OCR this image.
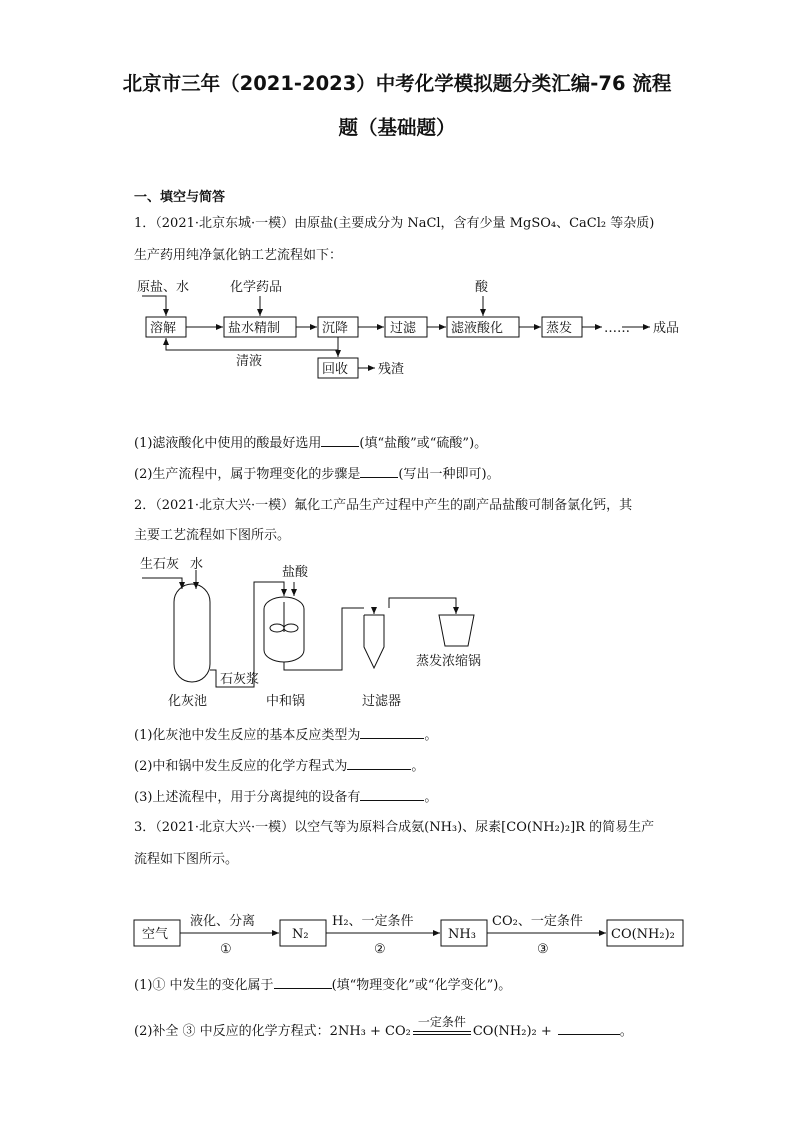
北京市三年（2021-2023）中考化学模拟题分类汇编-76 流程
题（基础题）
一、填空与简答
1．（2021·北京东城·一模）由原盐(主要成分为 NaCl，含有少量 MgSO₄、CaCl₂ 等杂质)
生产药用纯净氯化钠工艺流程如下：
原盐、水	化学药品	酸
溶解	盐水精制	沉降	过滤	滤液酸化	蒸发 …… 成品
清液
回收 残渣
(1)滤液酸化中使用的酸最好选用	(填“盐酸”或“硫酸”)。
(2)生产流程中，属于物理变化的步骤是	(写出一种即可)。
2．（2021·北京大兴·一模）氟化工产品生产过程中产生的副产品盐酸可制备氯化钙，其
主要工艺流程如下图所示。
生石灰 水
盐酸
石灰浆
蒸发浓缩锅
化灰池	中和锅	过滤器
(1)化灰池中发生反应的基本反应类型为	。
(2)中和锅中发生反应的化学方程式为	。
(3)上述流程中，用于分离提纯的设备有	。
3．（2021·北京大兴·一模）以空气等为原料合成氨(NH₃)、尿素[CO(NH₂)₂]R 的简易生产
流程如下图所示。
空气	N₂	NH₃	CO(NH₂)₂
液化、分离
①
H₂、一定条件
②
CO₂、一定条件
③
(1)① 中发生的变化属于	(填“物理变化”或“化学变化”)。
(2)补全 ③ 中反应的化学方程式：2NH₃ + CO₂
一定条件
CO(NH₂)₂ +	。
